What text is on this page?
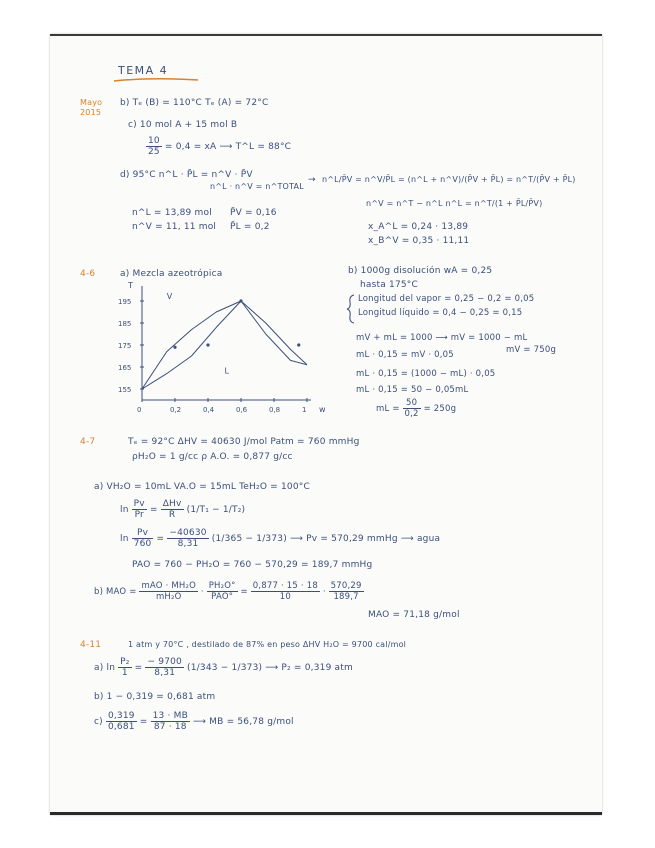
TEMA 4
Mayo 2015
b) Tₑ (B) = 110°C Tₑ (A) = 72°C
c) 10 mol A + 15 mol B
$\frac{10}{25} = 0,4$ = xA ⟶ T^L = 88°C
d) 95°C n^L · P̄L = n^V · P̄V
n^L · n^V = n^TOTAL
→ n^L/P̄V = n^V/P̄L = (n^L + n^V)/(P̄V + P̄L) = n^T/(P̄V + P̄L)
n^V = n^T − n^L n^L = n^T/(1 + P̄L/P̄V)
n^L = 13,89 mol
n^V = 11, 11 mol
P̄V = 0,16
P̄L = 0,2	x_A^L = 0,24 · 13,89
x_B^V = 0,35 · 11,11
4-6	a) Mezcla azeotrópica
T
w
195
185
175
165
155
0	0,2	0,4	0,6	0,8	1
V
L
b) 1000g disolución wA = 0,25
hasta 175°C
Longitud del vapor = 0,25 − 0,2 = 0,05
Longitud líquido = 0,4 − 0,25 = 0,15
mV + mL = 1000 ⟶ mV = 1000 − mL
mV = 750g
mL · 0,15 = mV · 0,05
mL · 0,15 = (1000 − mL) · 0,05
mL · 0,15 = 50 − 0,05mL
mL = $\frac{50}{0,2} = 250g$
4-7	Tₑ = 92°C ΔHV = 40630 J/mol Patm = 760 mmHg
ρH₂O = 1 g/cc ρ A.O. = 0,877 g/cc
a) VH₂O = 10mL VA.O = 15mL TeH₂O = 100°C
$\ln \frac{Pv}{Pr} = \frac{\text{ΔHv}}{R} (1/T_1 - 1/T_2)$
$\ln \frac{Pv}{760} = \frac{-40630}{8,31} (1/365 - 1/373)$ ⟶ Pv = 570,29 mmHg ⟶ agua
PAO = 760 − PH₂O = 760 − 570,29 = 189,7 mmHg
b) MAO = $\frac{\text{mAO · MH₂O}}{\text{mH₂O}} \cdot \frac{\text{PH₂O°}}{\text{PAO°}} = \frac{0,877 \cdot 15 \cdot 18}{10} \cdot \frac{570,29}{189,7}$
MAO = 71,18 g/mol
4-11	1 atm y 70°C , destilado de 87% en peso ΔHV H₂O = 9700 cal/mol
a) $\ln \frac{\text{P₂}}{1} = \frac{- 9700}{8,31} (1/343 - 1/373)$ ⟶ P₂ = 0,319 atm
b) 1 − 0,319 = 0,681 atm
$c) \frac{0,319}{0,681} = \frac{13 \cdot MB}{87 \cdot 18}$ ⟶ MB = 56,78 g/mol
